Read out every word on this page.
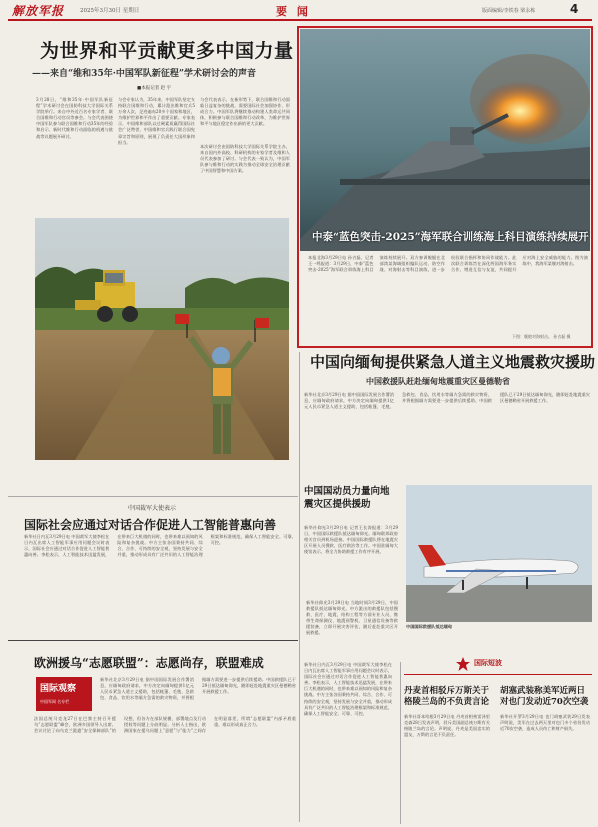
解放军报	2025年3月30日 星期日	要 闻	版面编辑/李铁春 梁永栋	4
为世界和平贡献更多中国力量
——来自“维和35年·中国军队新征程”学术研讨会的声音
■本报记者 赵 宇
3月28日，“维和35年·中国军队新征程”学术研讨会在国防科技大学国际关系学院举行。来自中外近百名专家学者、联合国维和行动官员等参会。与会代表围绕中国军队参与联合国维和行动35年的经验和启示、新时代维和行动面临的机遇与挑战等议题展开研讨。
与会专家认为，35年来，中国军队坚定支持联合国维和行动，累计派出维和官兵5万余人次，足迹遍布20多个国家和地区，为维护世界和平作出了重要贡献。专家表示，中国维和部队以过硬素质赢得国际社会广泛赞誉，中国维和官兵践行联合国宪章宗旨和原则，展现了负责任大国形象和担当。
与会代表表示，在新形势下，联合国维和行动面临日益复杂的挑战，需要国际社会加强协作、形成合力。中国军队将继续推动构建人类命运共同体，积极参与联合国维和行动改革，为维护世界和平与地区稳定作出新的更大贡献。
本次研讨会由国防科技大学国际关系学院主办，来自国内外高校、科研机构的专家学者及维和人员代表参加了研讨。与会代表一致认为，中国军队参与维和行动的实践为推动全球安全治理贡献了中国智慧和中国方案。
中泰“蓝色突击-2025”海军联合训练海上科目演练持续展开
本报北海3月29日电 孙吉磊、记者王一鸣报道：3月29日，中泰“蓝色突击-2025”海军联合训练海上科目演练持续展开。双方参训舰艇在北部湾某海域组织编队运动、防空作战、对海射击等科目演练，进一步检验联合指挥和协同作战能力。此次联合训练旨在深化两国海军务实合作，增进互信与友谊，共同提升应对海上安全威胁的能力。图为演练中，我海军某舰对海射击。
下图：舰炮对海射击。 孙吉磊 摄
中国向缅甸提供紧急人道主义地震救灾援助
中国救援队赶赴缅甸地震重灾区曼德勒省
新华社北京3月29日电 据中国国际发展合作署消息，应缅甸政府请求，中方决定向缅甸提供1亿元人民币紧急人道主义援助，包括帐篷、毛毯、急救包、食品、饮用水等缅方急需的救灾物资，并将根据缅方需要进一步提供后续援助。中国救援队已于29日抵达缅甸仰光，随即赶赴地震重灾区曼德勒省开展救援工作。
中国国动员力量向地震灾区提供援助
新华社仰光3月29日电 记者王长涛报道：3月29日，中国国际救援队抵达缅甸仰光。缅甸联邦政府相关官员到机场迎接。中国国际救援队将在地震灾区开展人员搜救、医疗救治等工作。中国驻缅甸大使馆表示，将全力协助救援工作有序开展。
新华社仰光3月29日电 当地时间3月29日，中国救援队抵达缅甸仰光。中方派出的救援队包括搜救、医疗、地震、结构工程等方面专业人员，携带生命探测仪、地震预警机、卫星通信设备等救援装备，立即开展灾害评估，随后赶赴重灾区开展救援。
中国国际救援队抵达缅甸
中国裁军大使表示
国际社会应通过对话合作促进人工智能普惠向善
新华社日内瓦3月29日电 中国裁军大使李松在日内瓦出席人工智能军事应用问题会议时表示，国际社会应通过对话合作促进人工智能普惠向善。李松表示，人工智能技术迅猛发展，在带来巨大机遇的同时，也带来难以预知的风险和复杂挑战。中方主张各国秉持共同、综合、合作、可持续的安全观，坚持发展与安全并重，推动形成具有广泛共识的人工智能治理框架和标准规范，确保人工智能安全、可靠、可控。
欧洲援乌“志愿联盟”：志愿尚存，联盟难成
国际观察
中国军网 名专栏
法国总统马克龙27日在巴黎主持召开援乌“志愿联盟”峰会，欧洲多国领导人出席。会议讨论了向乌克兰派遣“安全保障部队”的设想，但各方在部队规模、部署地点及行动授权等问题上分歧明显。分析人士指出，欧洲国家在援乌问题上“意愿”与“能力”之间存在明显落差，所谓“志愿联盟”内部矛盾重重，难以形成真正合力。
新华社北京3月29日电 据中国国际发展合作署消息，应缅甸政府请求，中方决定向缅甸提供1亿元人民币紧急人道主义援助，包括帐篷、毛毯、急救包、食品、饮用水等缅方急需的救灾物资，并将根据缅方需要进一步提供后续援助。中国救援队已于29日抵达缅甸仰光，随即赶赴地震重灾区曼德勒省开展救援工作。
新华社日内瓦3月29日电 中国裁军大使李松在日内瓦出席人工智能军事应用问题会议时表示，国际社会应通过对话合作促进人工智能普惠向善。李松表示，人工智能技术迅猛发展，在带来巨大机遇的同时，也带来难以预知的风险和复杂挑战。中方主张各国秉持共同、综合、合作、可持续的安全观，坚持发展与安全并重，推动形成具有广泛共识的人工智能治理框架和标准规范，确保人工智能安全、可靠、可控。
国际短波
丹麦首相驳斥万斯关于格陵兰岛的不负责言论
新华社哥本哈根3月29日电 丹麦首相弗雷泽里克森28日发表声明，驳斥美国副总统万斯有关格陵兰岛的言论。声明说，丹麦是美国忠实的盟友，万斯的言论不负责任。
胡塞武装称美军近两日对也门发动近70次空袭
新华社开罗3月29日电 也门胡塞武装29日发表声明说，美军在过去两天里对也门多个省份发动近70次空袭，造成人员伤亡和财产损失。
